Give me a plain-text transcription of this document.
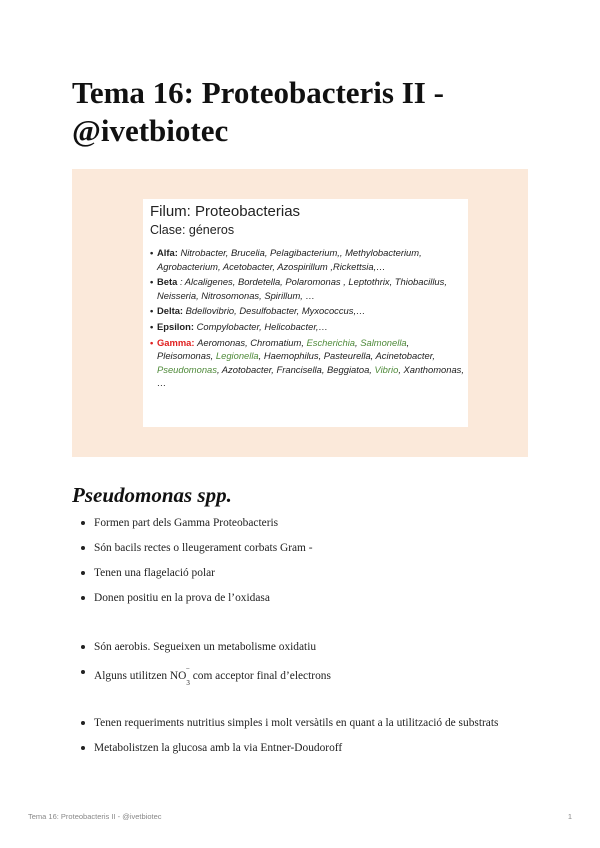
Tema 16: Proteobacteris II - @ivetbiotec
Filum: Proteobacterias
Clase: géneros
• Alfa: Nitrobacter, Brucelia, Pelagibacterium,, Methylobacterium, Agrobacterium, Acetobacter, Azospirillum ,Rickettsia,…
• Beta : Alcaligenes, Bordetella, Polaromonas , Leptothrix, Thiobacillus, Neisseria, Nitrosomonas, Spirillum, …
• Delta: Bdellovibrio, Desulfobacter, Myxococcus,…
• Epsilon: Compylobacter, Helicobacter,…
• Gamma: Aeromonas, Chromatium, Escherichia, Salmonella, Pleisomonas, Legionella, Haemophilus, Pasteurella, Acinetobacter, Pseudomonas, Azotobacter, Francisella, Beggiatoa, Vibrio, Xanthomonas, …
Pseudomonas spp.
Formen part dels Gamma Proteobacteris
Són bacils rectes o lleugerament corbats Gram -
Tenen una flagelació polar
Donen positiu en la prova de l’oxidasa
Són aerobis. Segueixen un metabolisme oxidatiu
Alguns utilitzen $NO_3^-$ com acceptor final d’electrons
Tenen requeriments nutritius simples i molt versàtils en quant a la utilització de substrats
Metabolistzen la glucosa amb la via Entner-Doudoroff
Tema 16: Proteobacteris II - @ivetbiotec	1
